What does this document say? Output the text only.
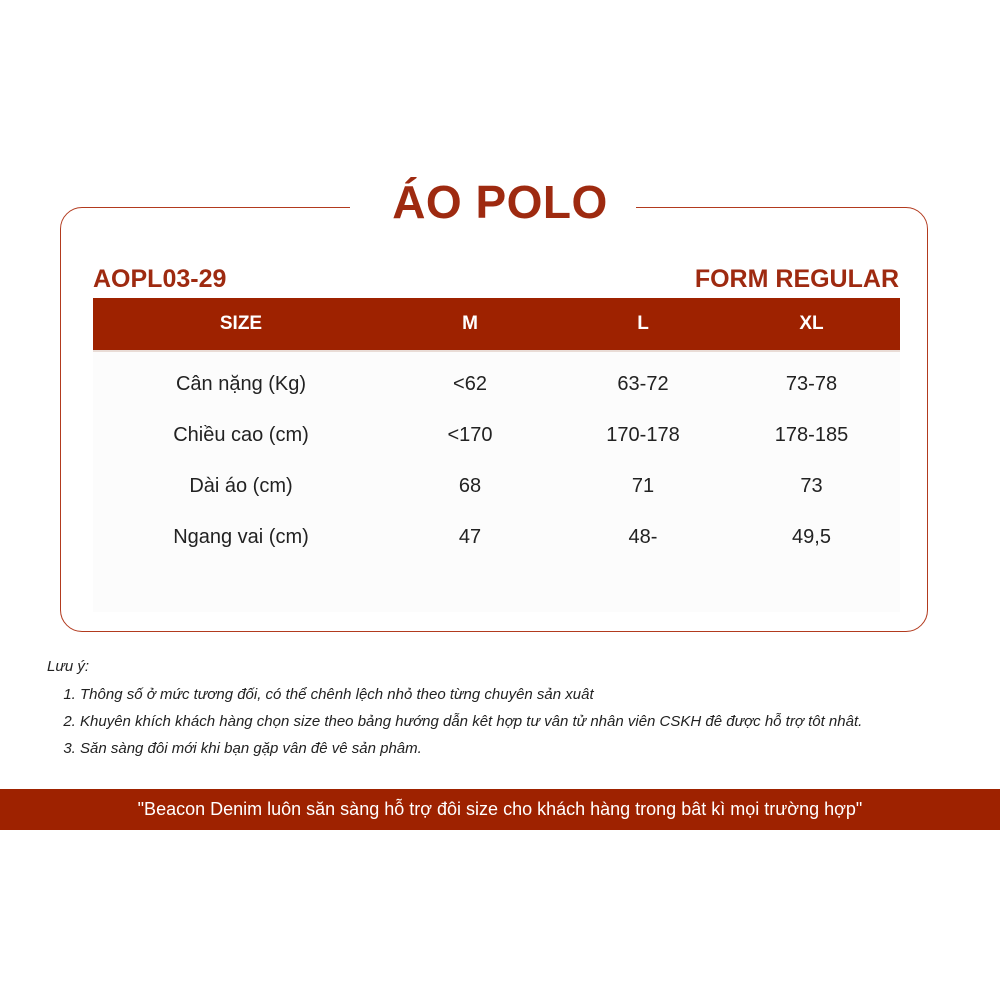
ÁO POLO
AOPL03-29	FORM REGULAR
SIZE	M	L	XL
Cân nặng (Kg)	<62	63-72	73-78
Chiều cao (cm)	<170	170-178	178-185
Dài áo (cm)	68	71	73
Ngang vai (cm)	47	48-	49,5
Lưu ý:
1. Thông số ở mức tương đối, có thể chênh lệch nhỏ theo từng chuyên sản xuât
2. Khuyên khích khách hàng chọn size theo bảng hướng dẫn kêt hợp tư vân tử nhân viên CSKH đê được hỗ trợ tôt nhât.
3. Săn sàng đôi mới khi bạn gặp vân đê vê sản phâm.
"Beacon Denim luôn săn sàng hỗ trợ đôi size cho khách hàng trong bât kì mọi trường hợp"
